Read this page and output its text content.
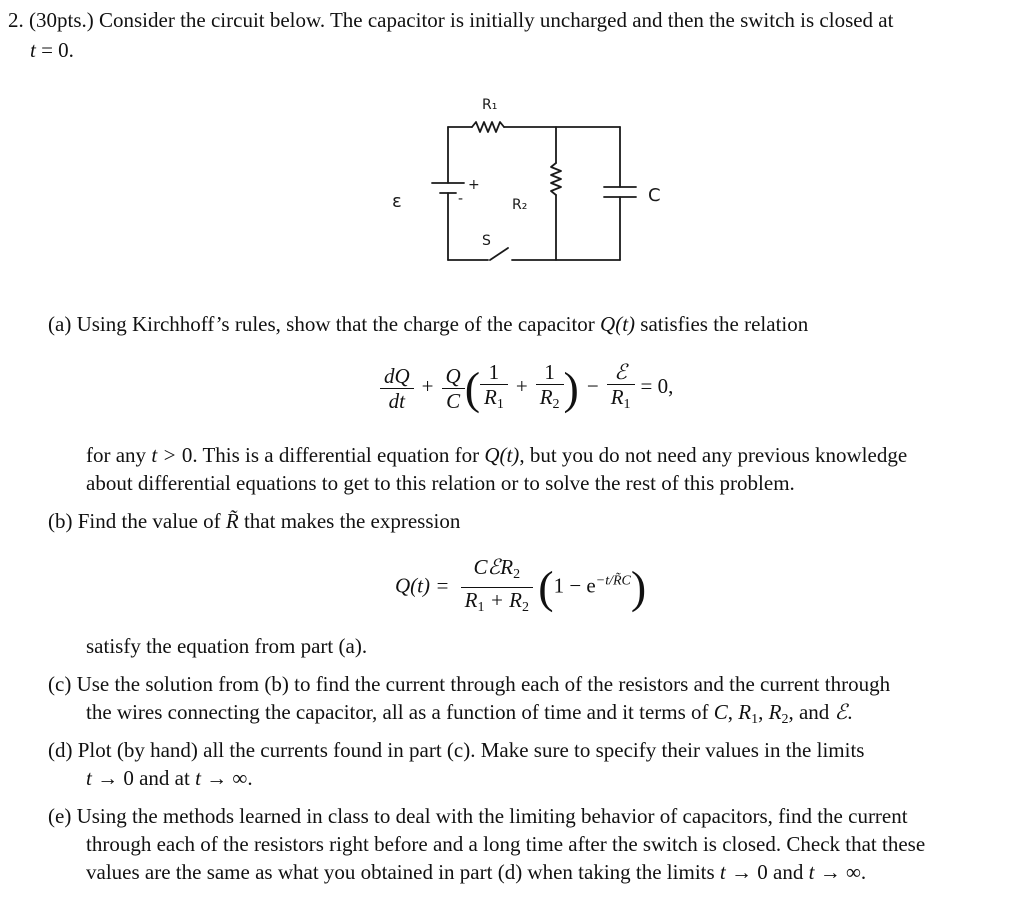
2. (30pts.) Consider the circuit below. The capacitor is initially uncharged and then the switch is closed at
t = 0.
R₁
R₂
ε	C
S
+
-
(a) Using Kirchhoff’s rules, show that the charge of the capacitor Q(t) satisfies the relation
$\frac{dQ}{dt} + \frac{Q}{C}$ ( $\frac{1}{R_1} + \frac{1}{R_2}$ ) − $\frac{\text{ℰ}}{R_1} = 0$,
for any t > 0. This is a differential equation for Q(t), but you do not need any previous knowledge
about differential equations to get to this relation or to solve the rest of this problem.
(b) Find the value of R̃ that makes the expression
$Q(t) = \frac{CℰR_2}{R_1 + R_2} (1 - e^{-t/R̃C})$
satisfy the equation from part (a).
(c) Use the solution from (b) to find the current through each of the resistors and the current through
the wires connecting the capacitor, all as a function of time and it terms of C, $R_1$, $R_2$, and ℰ.
(d) Plot (by hand) all the currents found in part (c). Make sure to specify their values in the limits
t → 0 and at t → ∞.
(e) Using the methods learned in class to deal with the limiting behavior of capacitors, find the current
through each of the resistors right before and a long time after the switch is closed. Check that these
values are the same as what you obtained in part (d) when taking the limits t → 0 and t → ∞.
